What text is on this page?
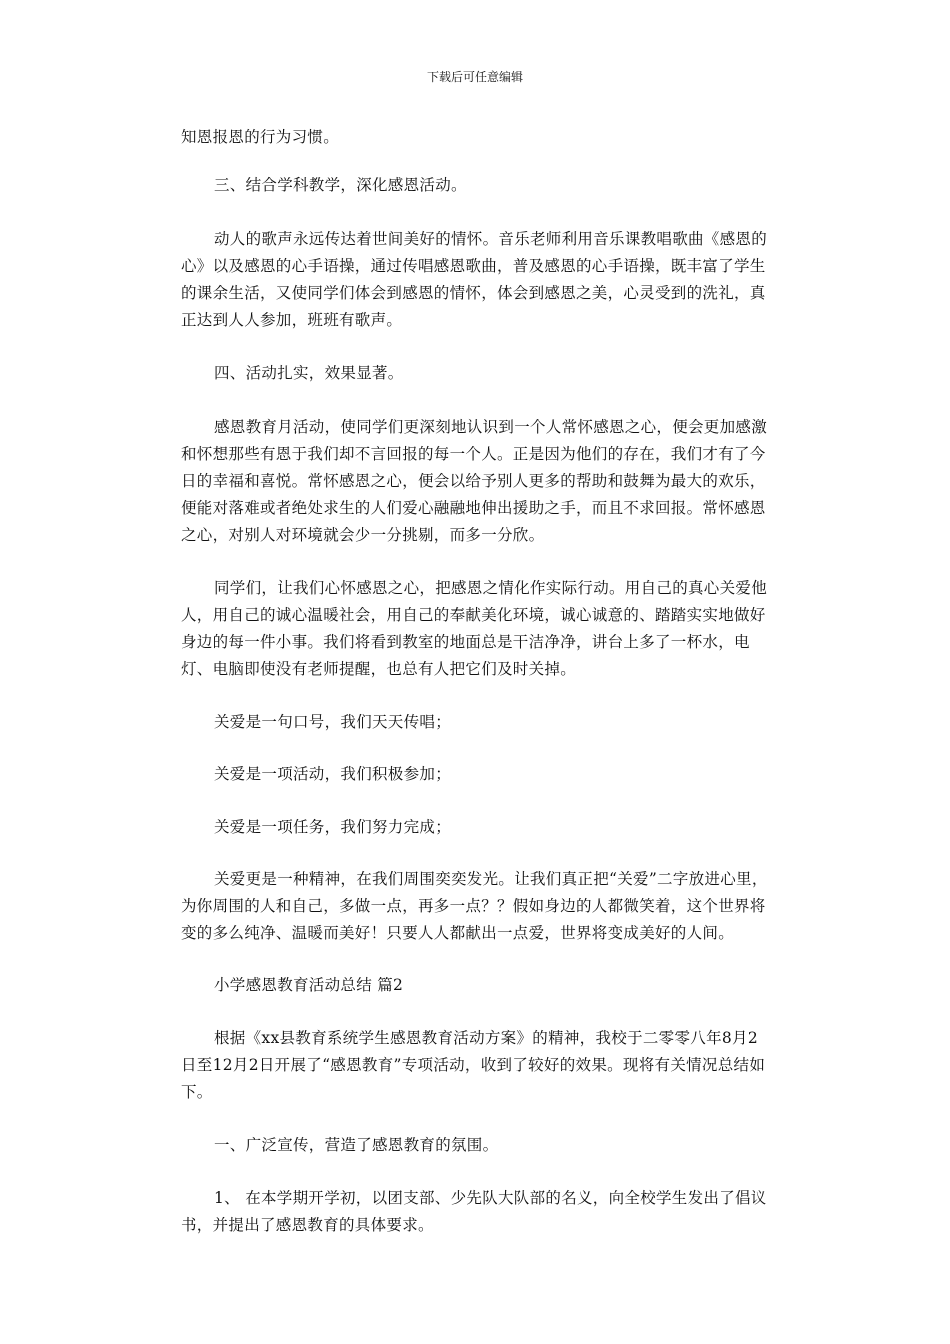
下载后可任意编辑

知恩报恩的行为习惯。

三、结合学科教学，深化感恩活动。

动人的歌声永远传达着世间美好的情怀。音乐老师利用音乐课教唱歌曲《感恩的心》以及感恩的心手语操，通过传唱感恩歌曲，普及感恩的心手语操，既丰富了学生的课余生活，又使同学们体会到感恩的情怀，体会到感恩之美，心灵受到的洗礼，真正达到人人参加，班班有歌声。

四、活动扎实，效果显著。

感恩教育月活动，使同学们更深刻地认识到一个人常怀感恩之心，便会更加感激和怀想那些有恩于我们却不言回报的每一个人。正是因为他们的存在，我们才有了今日的幸福和喜悦。常怀感恩之心，便会以给予别人更多的帮助和鼓舞为最大的欢乐，便能对落难或者绝处求生的人们爱心融融地伸出援助之手，而且不求回报。常怀感恩之心，对别人对环境就会少一分挑剔，而多一分欣。

同学们，让我们心怀感恩之心，把感恩之情化作实际行动。用自己的真心关爱他人，用自己的诚心温暖社会，用自己的奉献美化环境，诚心诚意的、踏踏实实地做好身边的每一件小事。我们将看到教室的地面总是干洁净净，讲台上多了一杯水，电灯、电脑即使没有老师提醒，也总有人把它们及时关掉。

关爱是一句口号，我们天天传唱；

关爱是一项活动，我们积极参加；

关爱是一项任务，我们努力完成；

关爱更是一种精神，在我们周围奕奕发光。让我们真正把“关爱”二字放进心里，为你周围的人和自己，多做一点，再多一点？？假如身边的人都微笑着，这个世界将变的多么纯净、温暖而美好！只要人人都献出一点爱，世界将变成美好的人间。

小学感恩教育活动总结 篇2

根据《xx县教育系统学生感恩教育活动方案》的精神，我校于二零零八年8月2日至12月2日开展了“感恩教育”专项活动，收到了较好的效果。现将有关情况总结如下。

一、广泛宣传，营造了感恩教育的氛围。

1、 在本学期开学初，以团支部、少先队大队部的名义，向全校学生发出了倡议书，并提出了感恩教育的具体要求。
